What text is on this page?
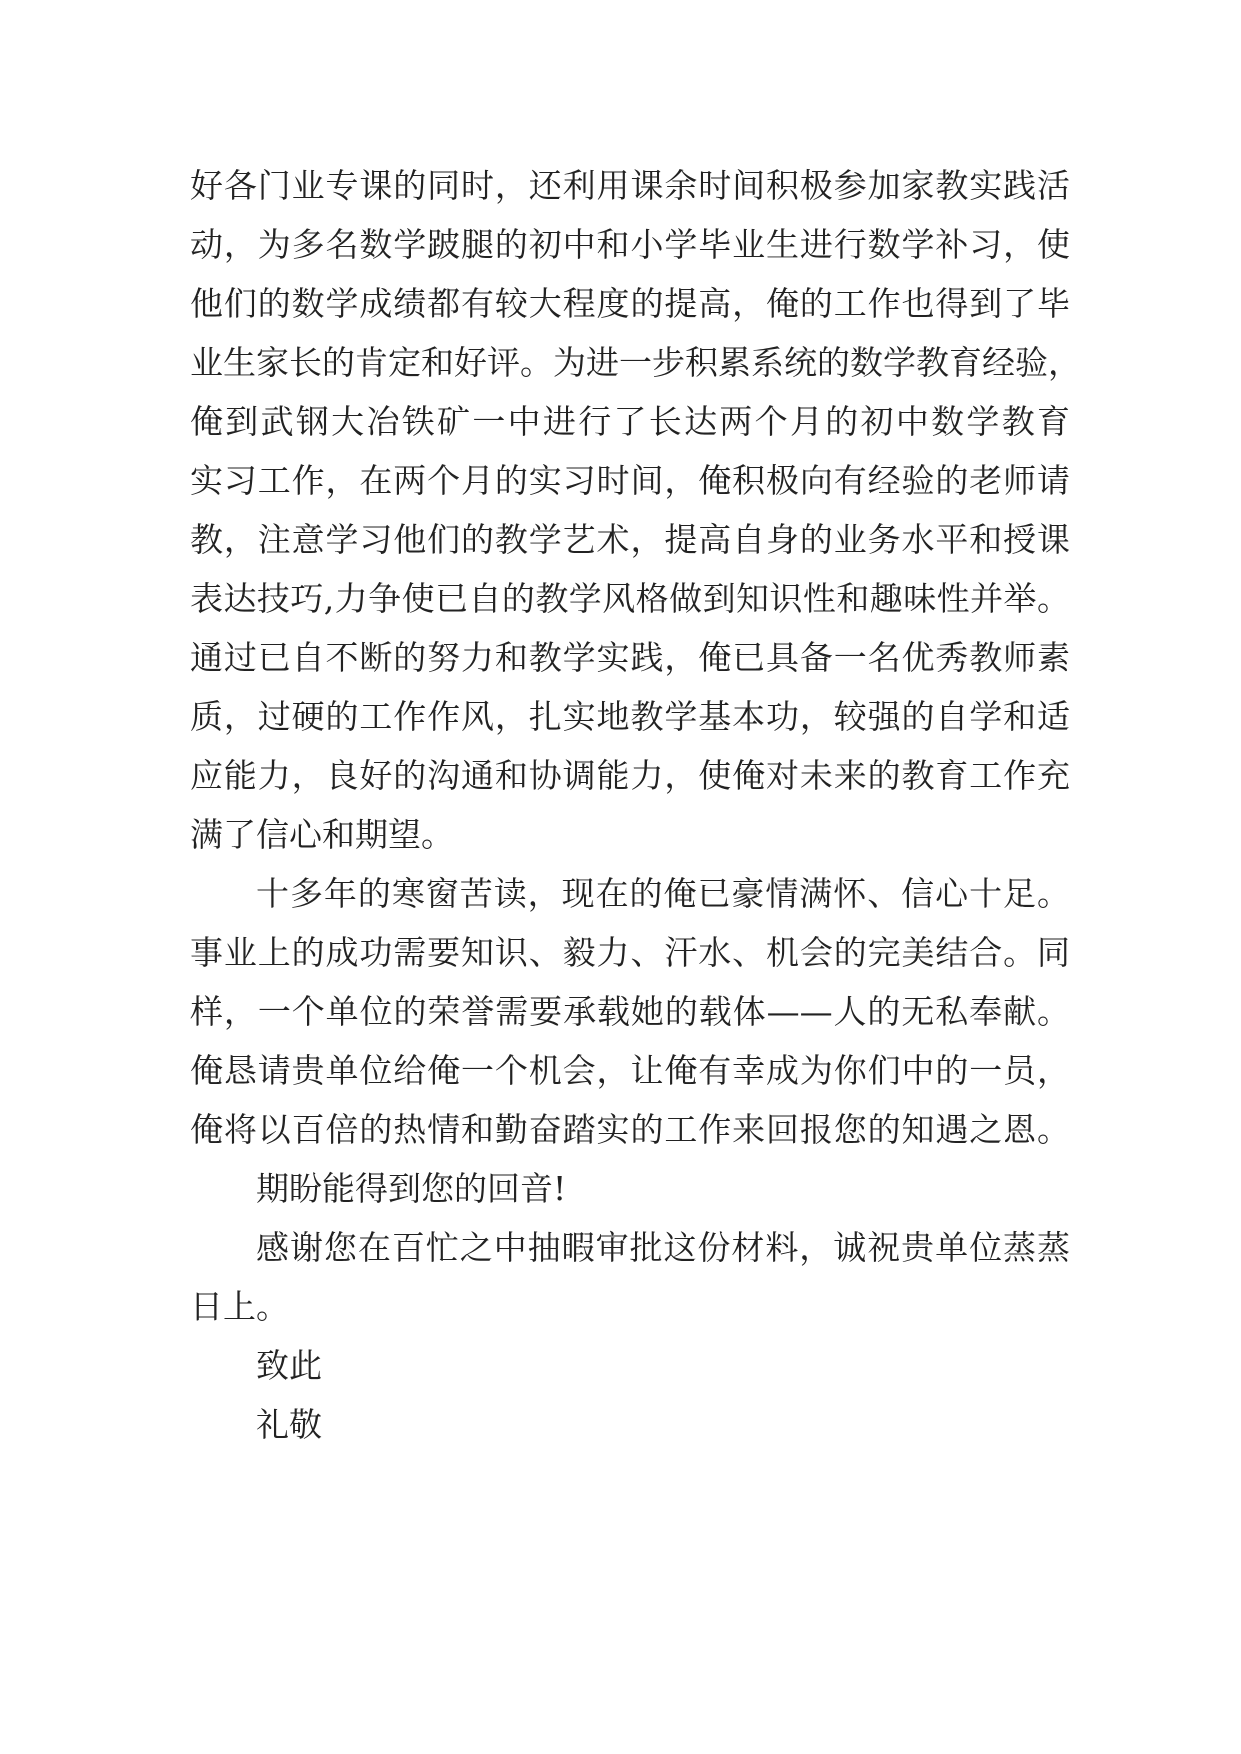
好各门业专课的同时，还利用课余时间积极参加家教实践活
动，为多名数学跛腿的初中和小学毕业生进行数学补习，使
他们的数学成绩都有较大程度的提高，俺的工作也得到了毕
业生家长的肯定和好评。为进一步积累系统的数学教育经验，
俺到武钢大冶铁矿一中进行了长达两个月的初中数学教育
实习工作，在两个月的实习时间，俺积极向有经验的老师请
教，注意学习他们的教学艺术，提高自身的业务水平和授课
表达技巧,力争使已自的教学风格做到知识性和趣味性并举。
通过已自不断的努力和教学实践，俺已具备一名优秀教师素
质，过硬的工作作风，扎实地教学基本功，较强的自学和适
应能力，良好的沟通和协调能力，使俺对未来的教育工作充
满了信心和期望。
十多年的寒窗苦读，现在的俺已豪情满怀、信心十足。
事业上的成功需要知识、毅力、汗水、机会的完美结合。同
样，一个单位的荣誉需要承载她的载体——人的无私奉献。
俺恳请贵单位给俺一个机会，让俺有幸成为你们中的一员，
俺将以百倍的热情和勤奋踏实的工作来回报您的知遇之恩。
期盼能得到您的回音!
感谢您在百忙之中抽暇审批这份材料，诚祝贵单位蒸蒸
日上。
致此
礼敬
